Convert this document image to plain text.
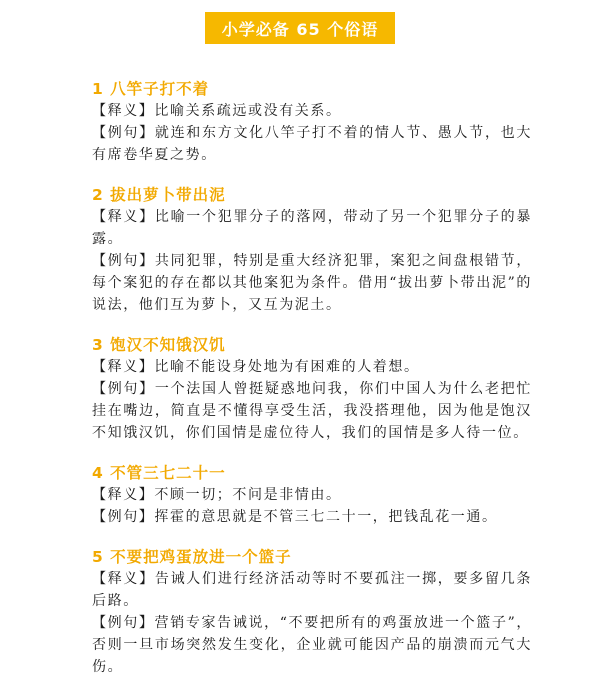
小学必备 65 个俗语
1 八竿子打不着
【释义】比喻关系疏远或没有关系。
【例句】就连和东方文化八竿子打不着的情人节、愚人节，也大有席卷华夏之势。
2 拔出萝卜带出泥
【释义】比喻一个犯罪分子的落网，带动了另一个犯罪分子的暴露。
【例句】共同犯罪，特别是重大经济犯罪，案犯之间盘根错节，每个案犯的存在都以其他案犯为条件。借用“拔出萝卜带出泥”的说法，他们互为萝卜，又互为泥土。
3 饱汉不知饿汉饥
【释义】比喻不能设身处地为有困难的人着想。
【例句】一个法国人曾挺疑惑地问我，你们中国人为什么老把忙挂在嘴边，简直是不懂得享受生活，我没搭理他，因为他是饱汉不知饿汉饥，你们国情是虚位待人，我们的国情是多人待一位。
4 不管三七二十一
【释义】不顾一切；不问是非情由。
【例句】挥霍的意思就是不管三七二十一，把钱乱花一通。
5 不要把鸡蛋放进一个篮子
【释义】告诫人们进行经济活动等时不要孤注一掷，要多留几条后路。
【例句】营销专家告诫说，“不要把所有的鸡蛋放进一个篮子”，否则一旦市场突然发生变化，企业就可能因产品的崩溃而元气大伤。
